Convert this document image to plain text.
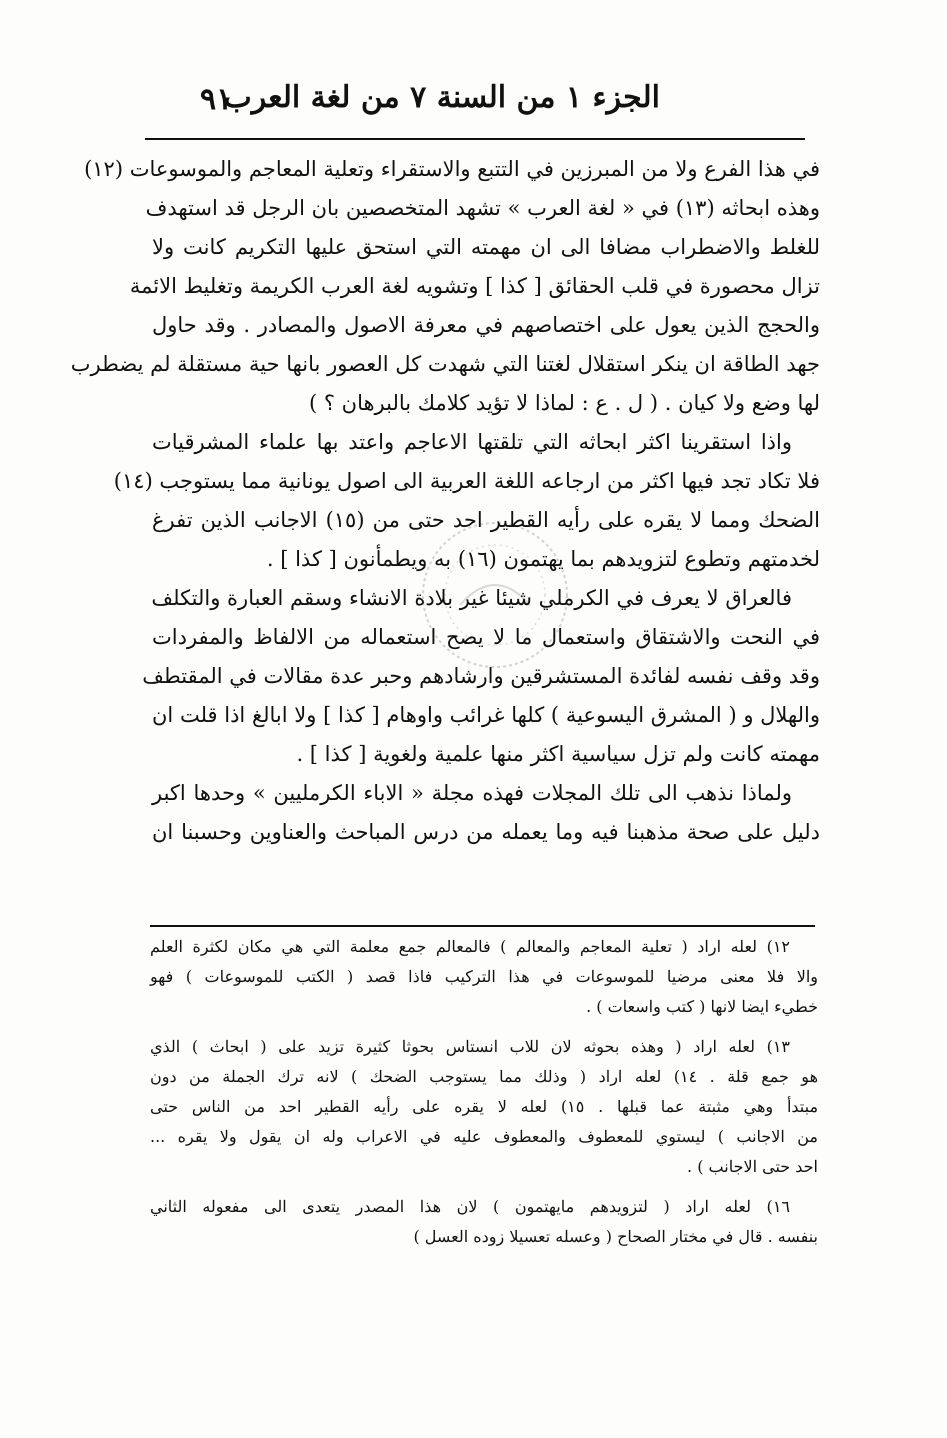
الجزء ١ من السنة ٧ من لغة العرب
٩١
في هذا الفرع ولا من المبرزين في التتبع والاستقراء وتعلية المعاجم والموسوعات (١٢)
وهذه ابحاثه (١٣) في « لغة العرب » تشهد المتخصصين بان الرجل قد استهدف
للغلط والاضطراب مضافا الى ان مهمته التي استحق عليها التكريم كانت ولا
تزال محصورة في قلب الحقائق [ كذا ] وتشويه لغة العرب الكريمة وتغليط الائمة
والحجج الذين يعول على اختصاصهم في معرفة الاصول والمصادر . وقد حاول
جهد الطاقة ان ينكر استقلال لغتنا التي شهدت كل العصور بانها حية مستقلة لم يضطرب
لها وضع ولا كيان . ( ل . ع : لماذا لا تؤيد كلامك بالبرهان ؟ )
واذا استقرينا اكثر ابحاثه التي تلقتها الاعاجم واعتد بها علماء المشرقيات
فلا تكاد تجد فيها اكثر من ارجاعه اللغة العربية الى اصول يونانية مما يستوجب (١٤)
الضحك ومما لا يقره على رأيه القطير احد حتى من (١٥) الاجانب الذين تفرغ
لخدمتهم وتطوع لتزويدهم بما يهتمون (١٦) به ويطمأنون [ كذا ] .
فالعراق لا يعرف في الكرملي شيئا غير بلادة الانشاء وسقم العبارة والتكلف
في النحت والاشتقاق واستعمال ما لا يصح استعماله من الالفاظ والمفردات
وقد وقف نفسه لفائدة المستشرقين وارشادهم وحبر عدة مقالات في المقتطف
والهلال و ( المشرق اليسوعية ) كلها غرائب واوهام [ كذا ] ولا ابالغ اذا قلت ان
مهمته كانت ولم تزل سياسية اكثر منها علمية ولغوية [ كذا ] .
ولماذا نذهب الى تلك المجلات فهذه مجلة « الاباء الكرمليين » وحدها اكبر
دليل على صحة مذهبنا فيه وما يعمله من درس المباحث والعناوين وحسبنا ان
١٢) لعله اراد ( تعلية المعاجم والمعالم ) فالمعالم جمع معلمة التي هي مكان لكثرة العلم
والا فلا معنى مرضيا للموسوعات في هذا التركيب فاذا قصد ( الكتب للموسوعات ) فهو
خطيء ايضا لانها ( كتب واسعات ) .
١٣) لعله اراد ( وهذه بحوثه لان للاب انستاس بحوثا كثيرة تزيد على ( ابحاث ) الذي
هو جمع قلة . ١٤) لعله اراد ( وذلك مما يستوجب الضحك ) لانه ترك الجملة من دون
مبتدأ وهي مثبتة عما قبلها . ١٥) لعله لا يقره على رأيه القطير احد من الناس حتى
من الاجانب ) ليستوي للمعطوف والمعطوف عليه في الاعراب وله ان يقول ولا يقره ...
احد حتى الاجانب ) .
١٦) لعله اراد ( لتزويدهم مايهتمون ) لان هذا المصدر يتعدى الى مفعوله الثاني
بنفسه . قال في مختار الصحاح ( وعسله تعسيلا زوده العسل )
